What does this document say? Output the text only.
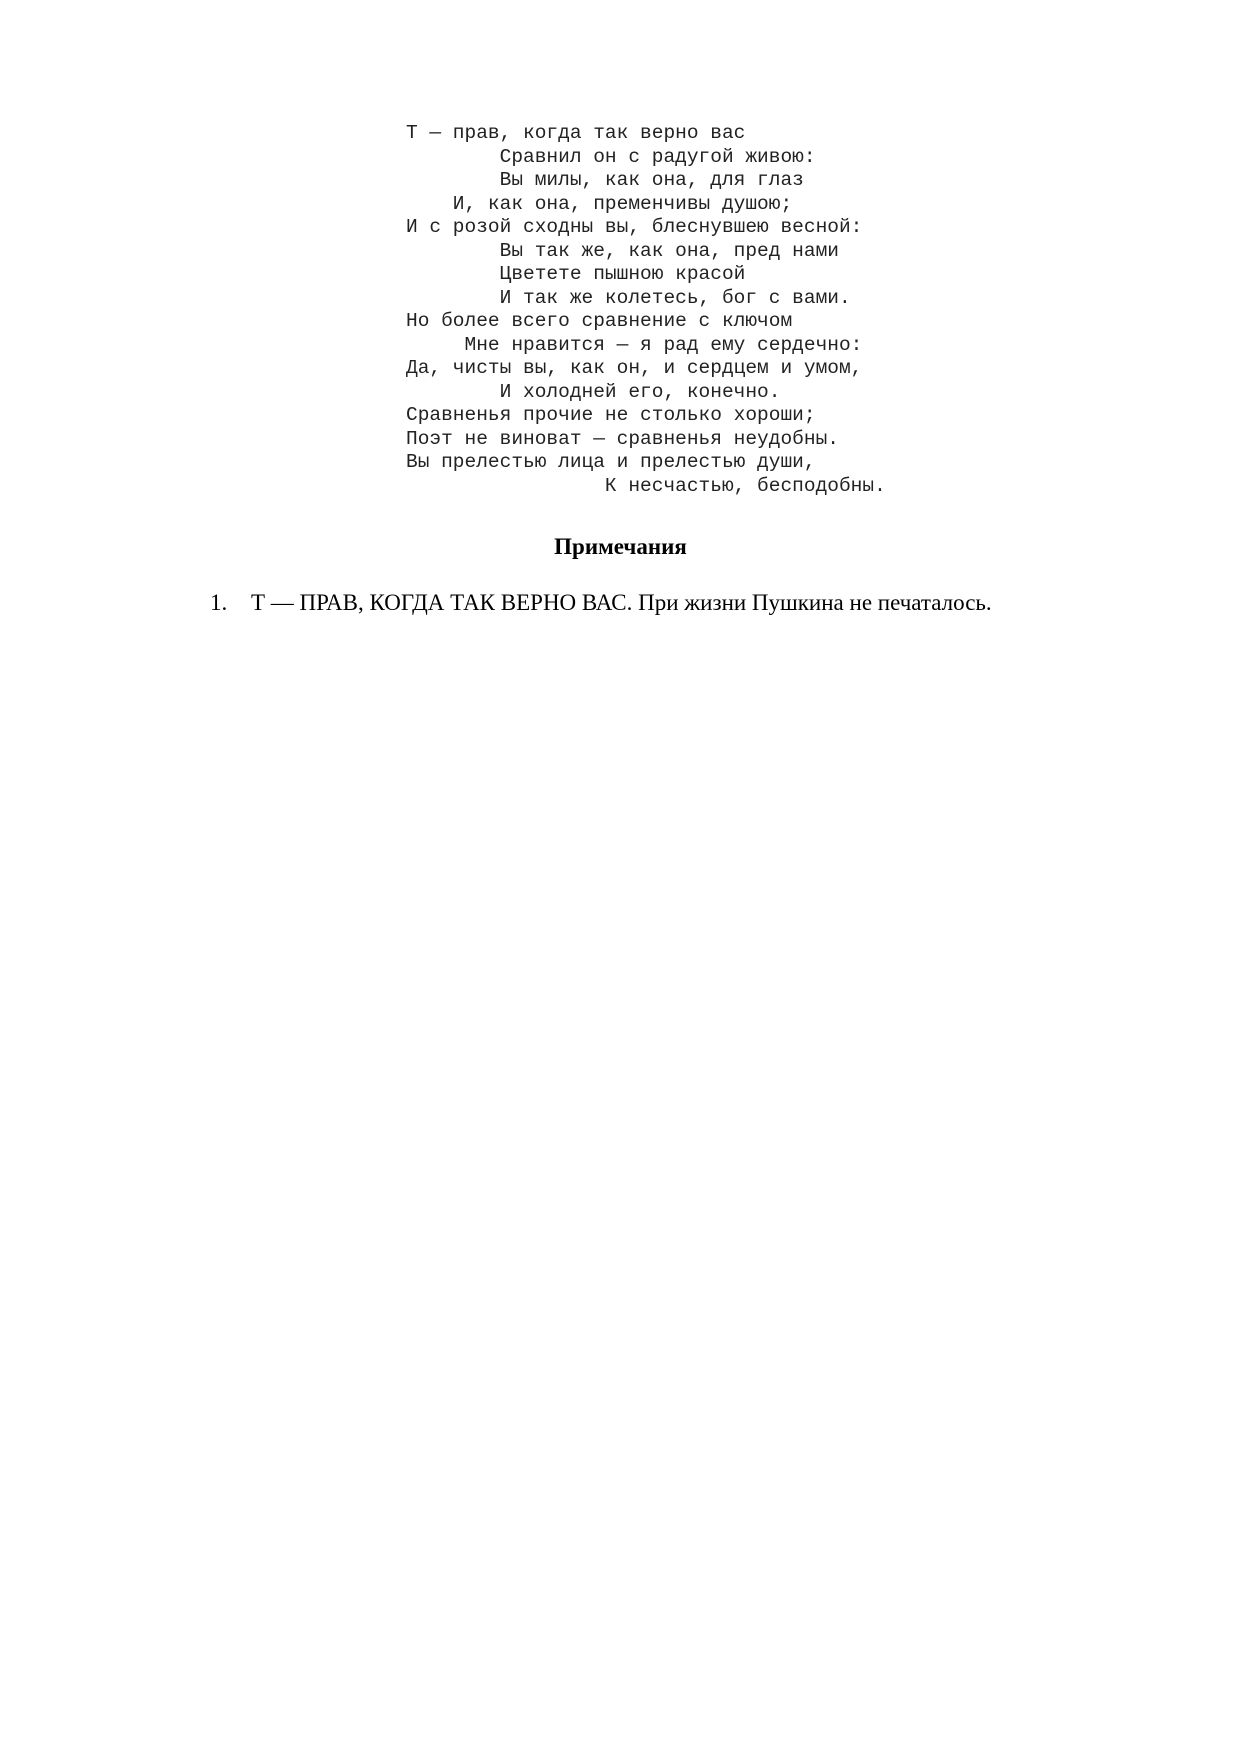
Т — прав, когда так верно вас
Сравнил он с радугой живою:
Вы милы, как она, для глаз
И, как она, пременчивы душою;
И с розой сходны вы, блеснувшею весной:
Вы так же, как она, пред нами
Цветете пышною красой
И так же колетесь, бог с вами.
Но более всего сравнение с ключом
Мне нравится — я рад ему сердечно:
Да, чисты вы, как он, и сердцем и умом,
И холодней его, конечно.
Сравненья прочие не столько хороши;
Поэт не виноват — сравненья неудобны.
Вы прелестью лица и прелестью души,
К несчастью, бесподобны.
Примечания
1.	Т — ПРАВ, КОГДА ТАК ВЕРНО ВАС. При жизни Пушкина не печаталось.
